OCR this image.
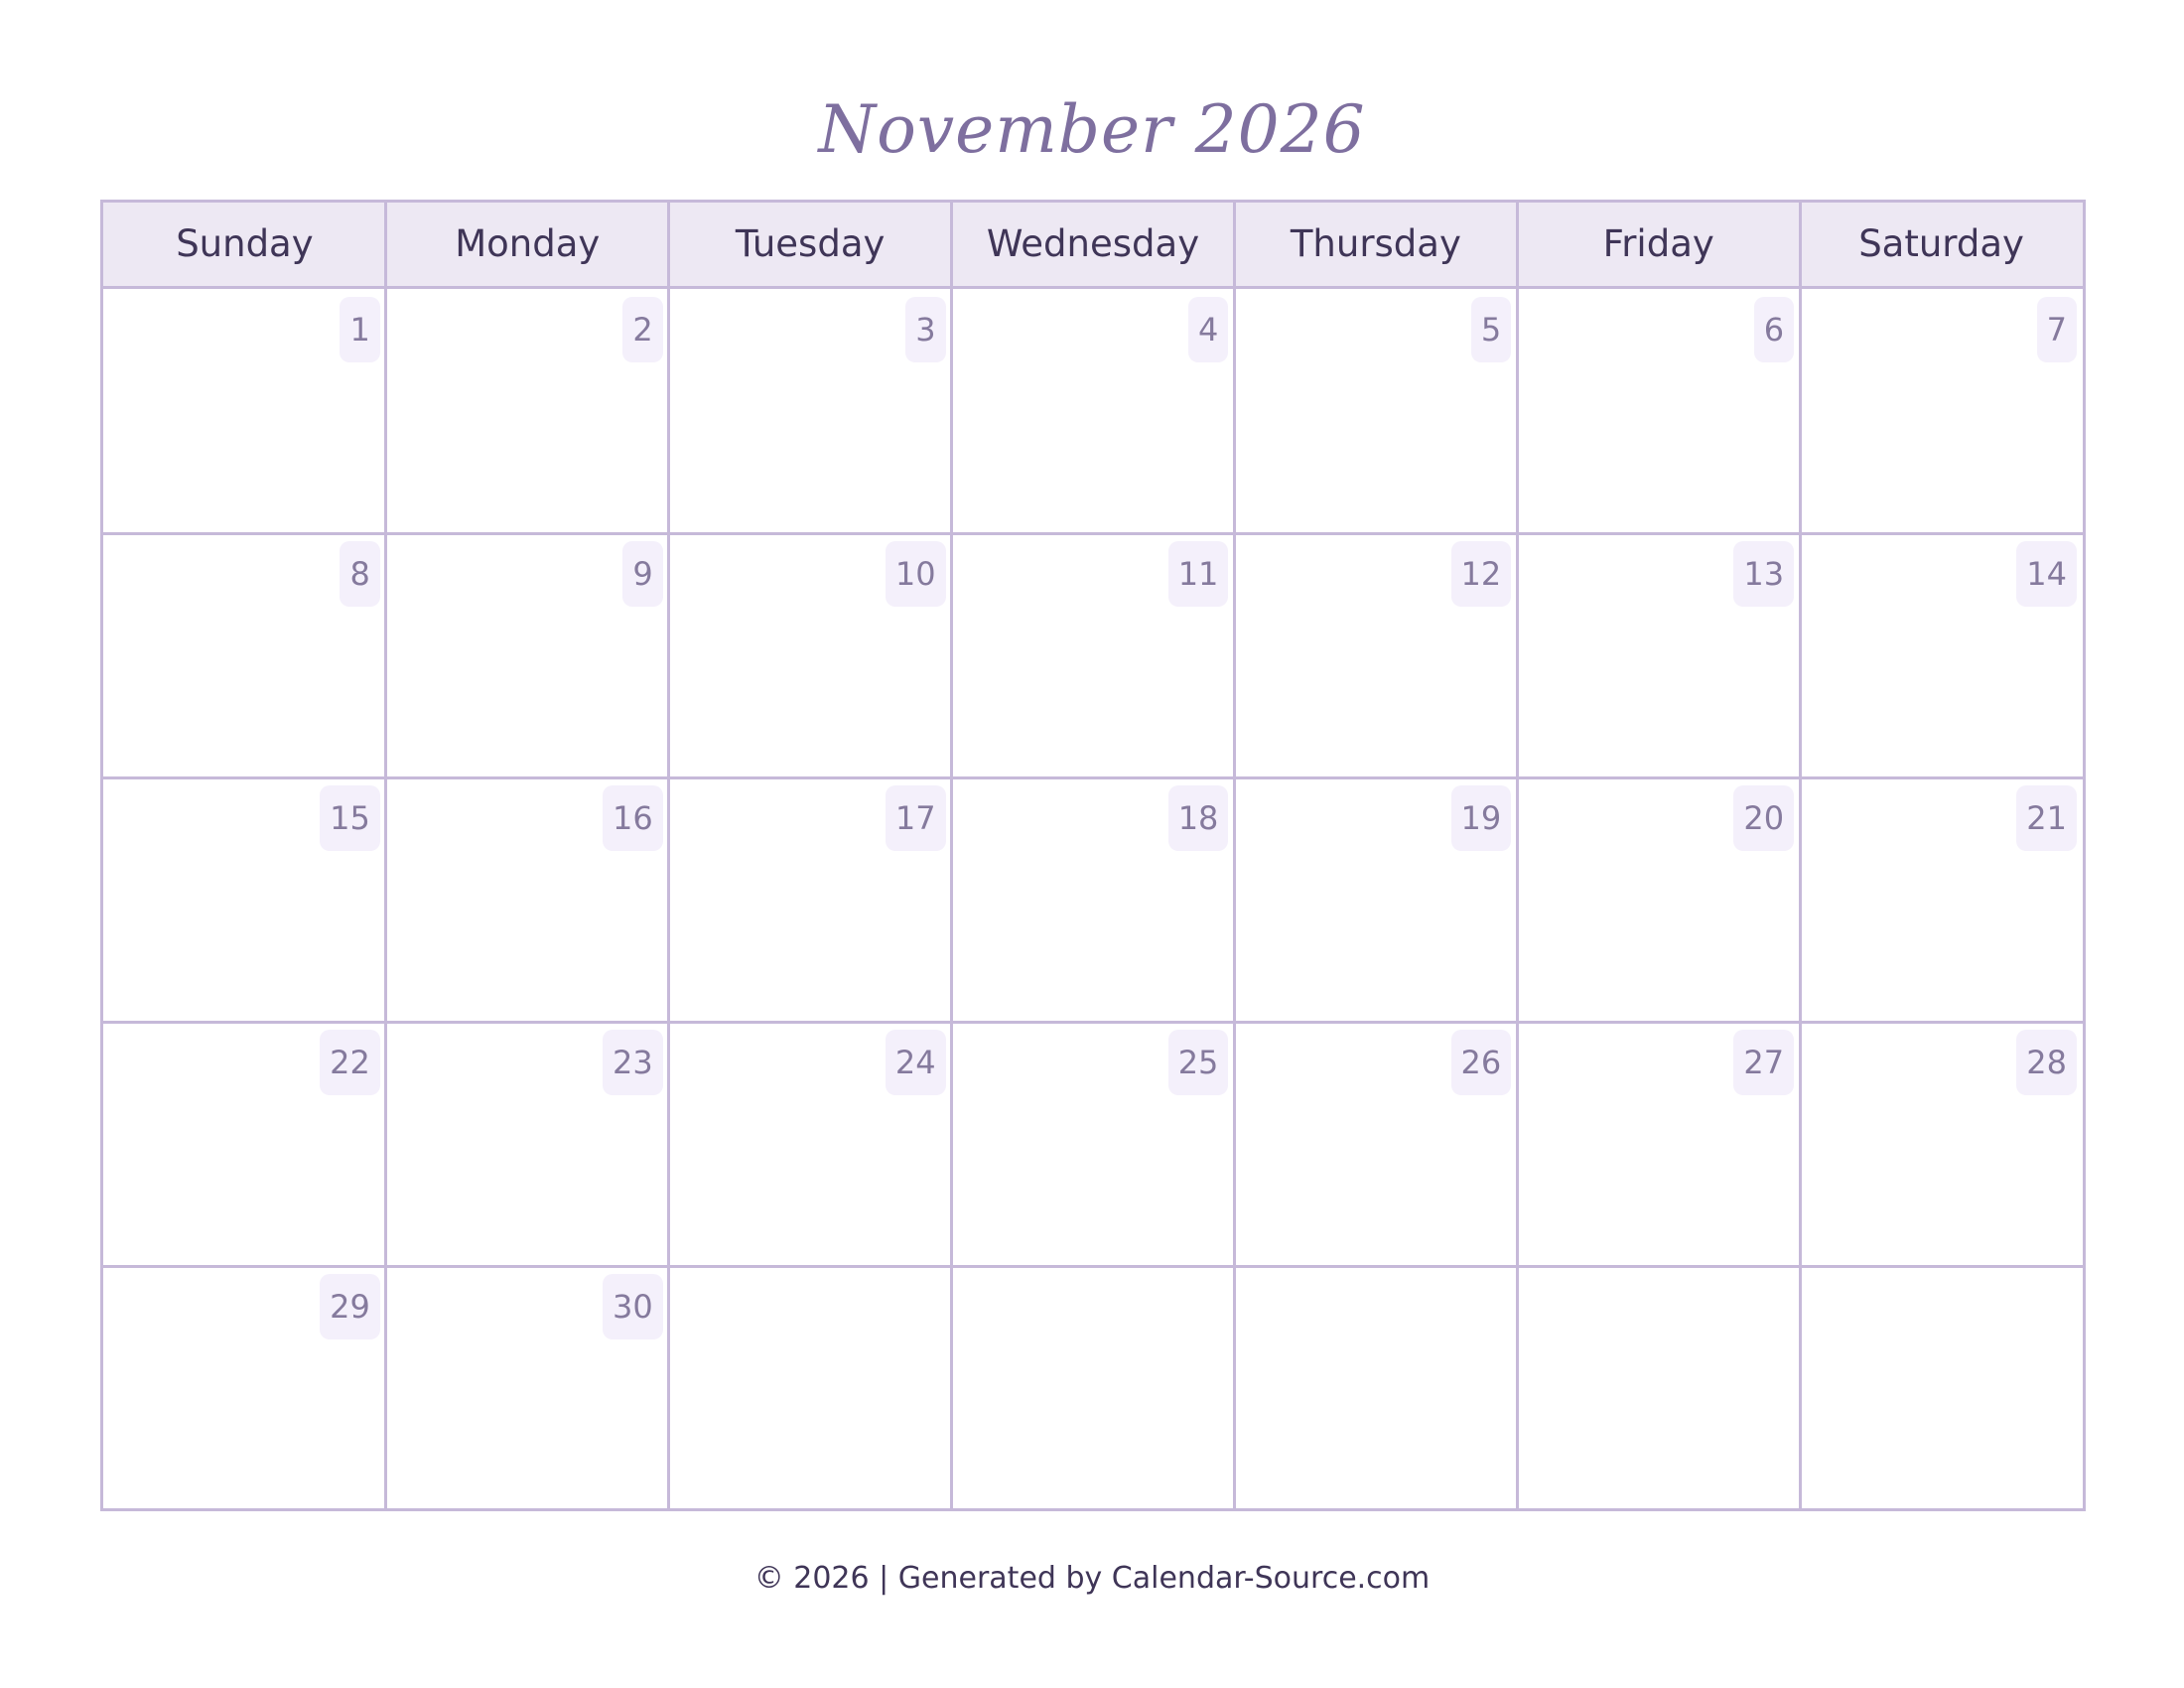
November 2026
Sunday	Monday	Tuesday	Wednesday	Thursday	Friday	Saturday
1	2	3	4	5	6	7
8	9	10	11	12	13	14
15	16	17	18	19	20	21
22	23	24	25	26	27	28
29	30
© 2026 | Generated by Calendar-Source.com
